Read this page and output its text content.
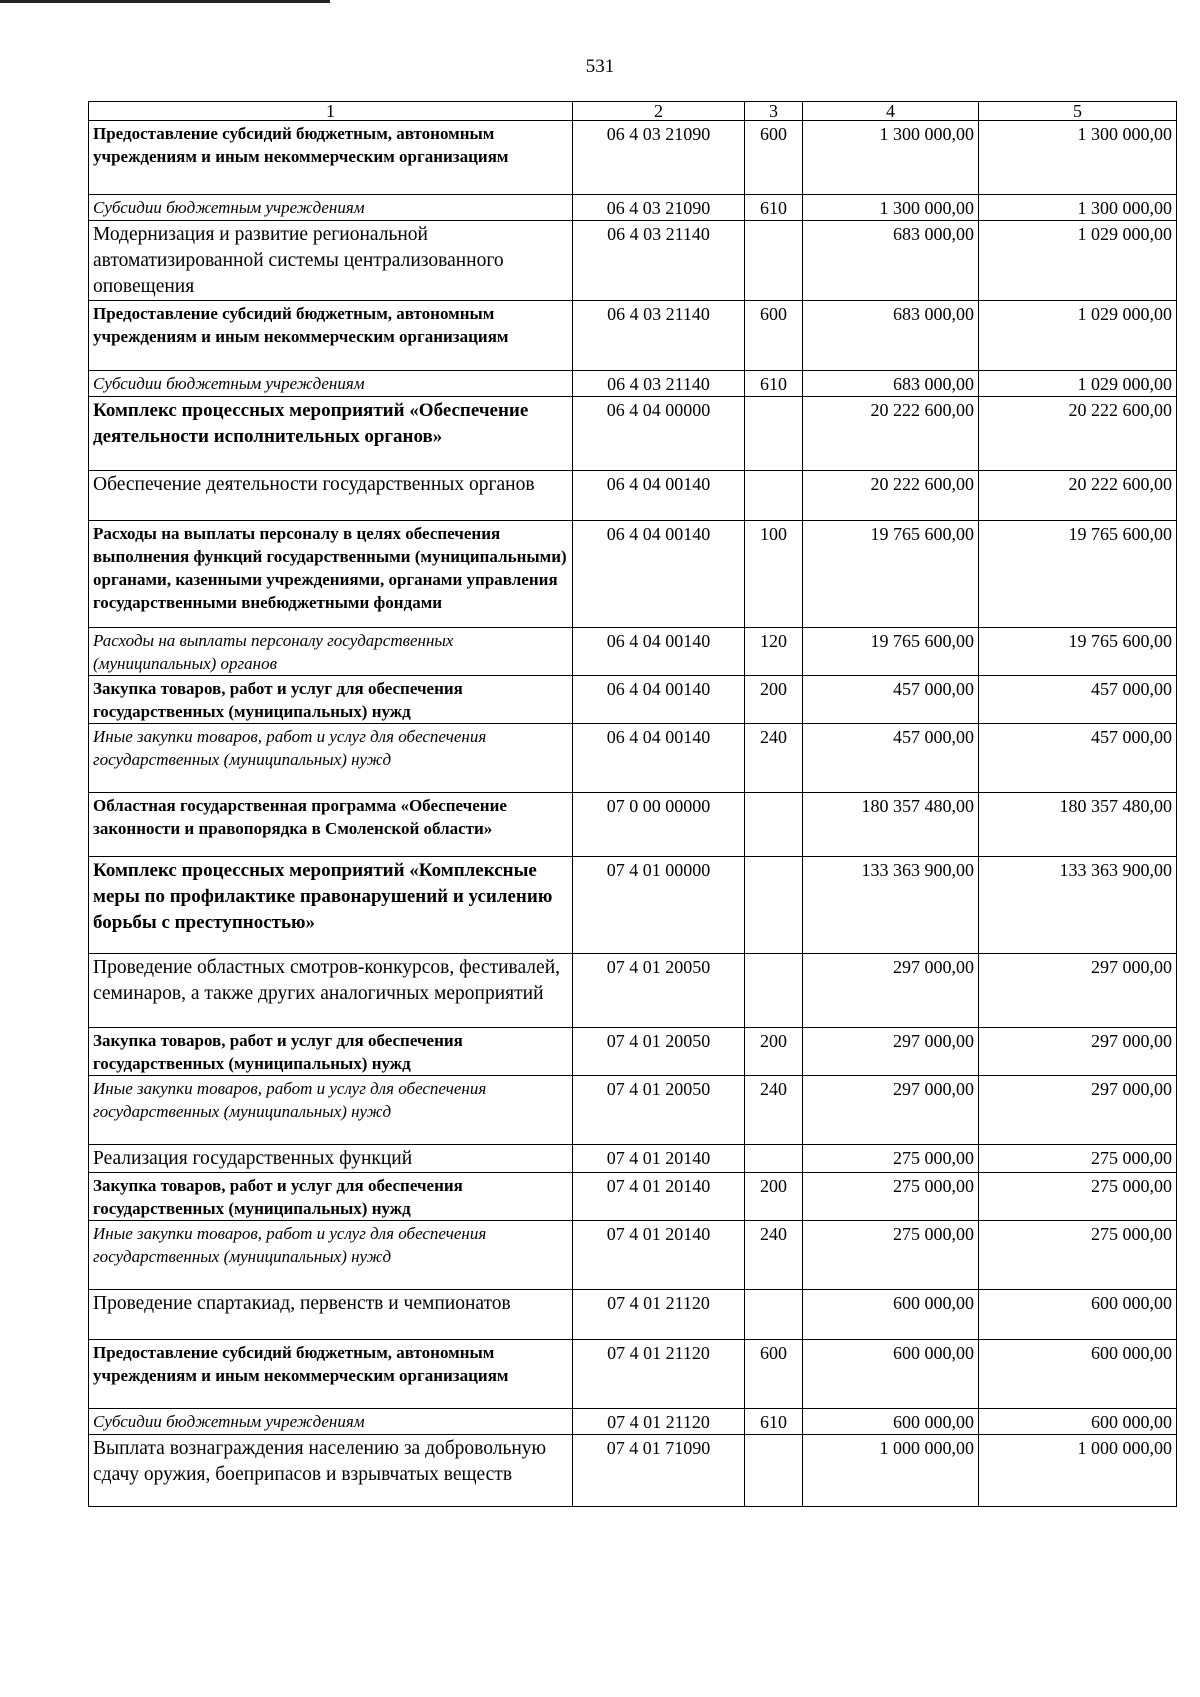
531
1	2	3	4	5
Предоставление субсидий бюджетным, автономным учреждениям и иным некоммерческим организациям	06 4 03 21090	600	1 300 000,00	1 300 000,00
Субсидии бюджетным учреждениям	06 4 03 21090	610	1 300 000,00	1 300 000,00
Модернизация и развитие региональной автоматизированной системы централизованного оповещения	06 4 03 21140		683 000,00	1 029 000,00
Предоставление субсидий бюджетным, автономным учреждениям и иным некоммерческим организациям	06 4 03 21140	600	683 000,00	1 029 000,00
Субсидии бюджетным учреждениям	06 4 03 21140	610	683 000,00	1 029 000,00
Комплекс процессных мероприятий «Обеспечение деятельности исполнительных органов»	06 4 04 00000		20 222 600,00	20 222 600,00
Обеспечение деятельности государственных органов	06 4 04 00140		20 222 600,00	20 222 600,00
Расходы на выплаты персоналу в целях обеспечения выполнения функций государственными (муниципальными) органами, казенными учреждениями, органами управления государственными внебюджетными фондами	06 4 04 00140	100	19 765 600,00	19 765 600,00
Расходы на выплаты персоналу государственных (муниципальных) органов	06 4 04 00140	120	19 765 600,00	19 765 600,00
Закупка товаров, работ и услуг для обеспечения государственных (муниципальных) нужд	06 4 04 00140	200	457 000,00	457 000,00
Иные закупки товаров, работ и услуг для обеспечения государственных (муниципальных) нужд	06 4 04 00140	240	457 000,00	457 000,00
Областная государственная программа «Обеспечение законности и правопорядка в Смоленской области»	07 0 00 00000		180 357 480,00	180 357 480,00
Комплекс процессных мероприятий «Комплексные меры по профилактике правонарушений и усилению борьбы с преступностью»	07 4 01 00000		133 363 900,00	133 363 900,00
Проведение областных смотров-конкурсов, фестивалей, семинаров, а также других аналогичных мероприятий	07 4 01 20050		297 000,00	297 000,00
Закупка товаров, работ и услуг для обеспечения государственных (муниципальных) нужд	07 4 01 20050	200	297 000,00	297 000,00
Иные закупки товаров, работ и услуг для обеспечения государственных (муниципальных) нужд	07 4 01 20050	240	297 000,00	297 000,00
Реализация государственных функций	07 4 01 20140		275 000,00	275 000,00
Закупка товаров, работ и услуг для обеспечения государственных (муниципальных) нужд	07 4 01 20140	200	275 000,00	275 000,00
Иные закупки товаров, работ и услуг для обеспечения государственных (муниципальных) нужд	07 4 01 20140	240	275 000,00	275 000,00
Проведение спартакиад, первенств и чемпионатов	07 4 01 21120		600 000,00	600 000,00
Предоставление субсидий бюджетным, автономным учреждениям и иным некоммерческим организациям	07 4 01 21120	600	600 000,00	600 000,00
Субсидии бюджетным учреждениям	07 4 01 21120	610	600 000,00	600 000,00
Выплата вознаграждения населению за добровольную сдачу оружия, боеприпасов и взрывчатых веществ	07 4 01 71090		1 000 000,00	1 000 000,00
